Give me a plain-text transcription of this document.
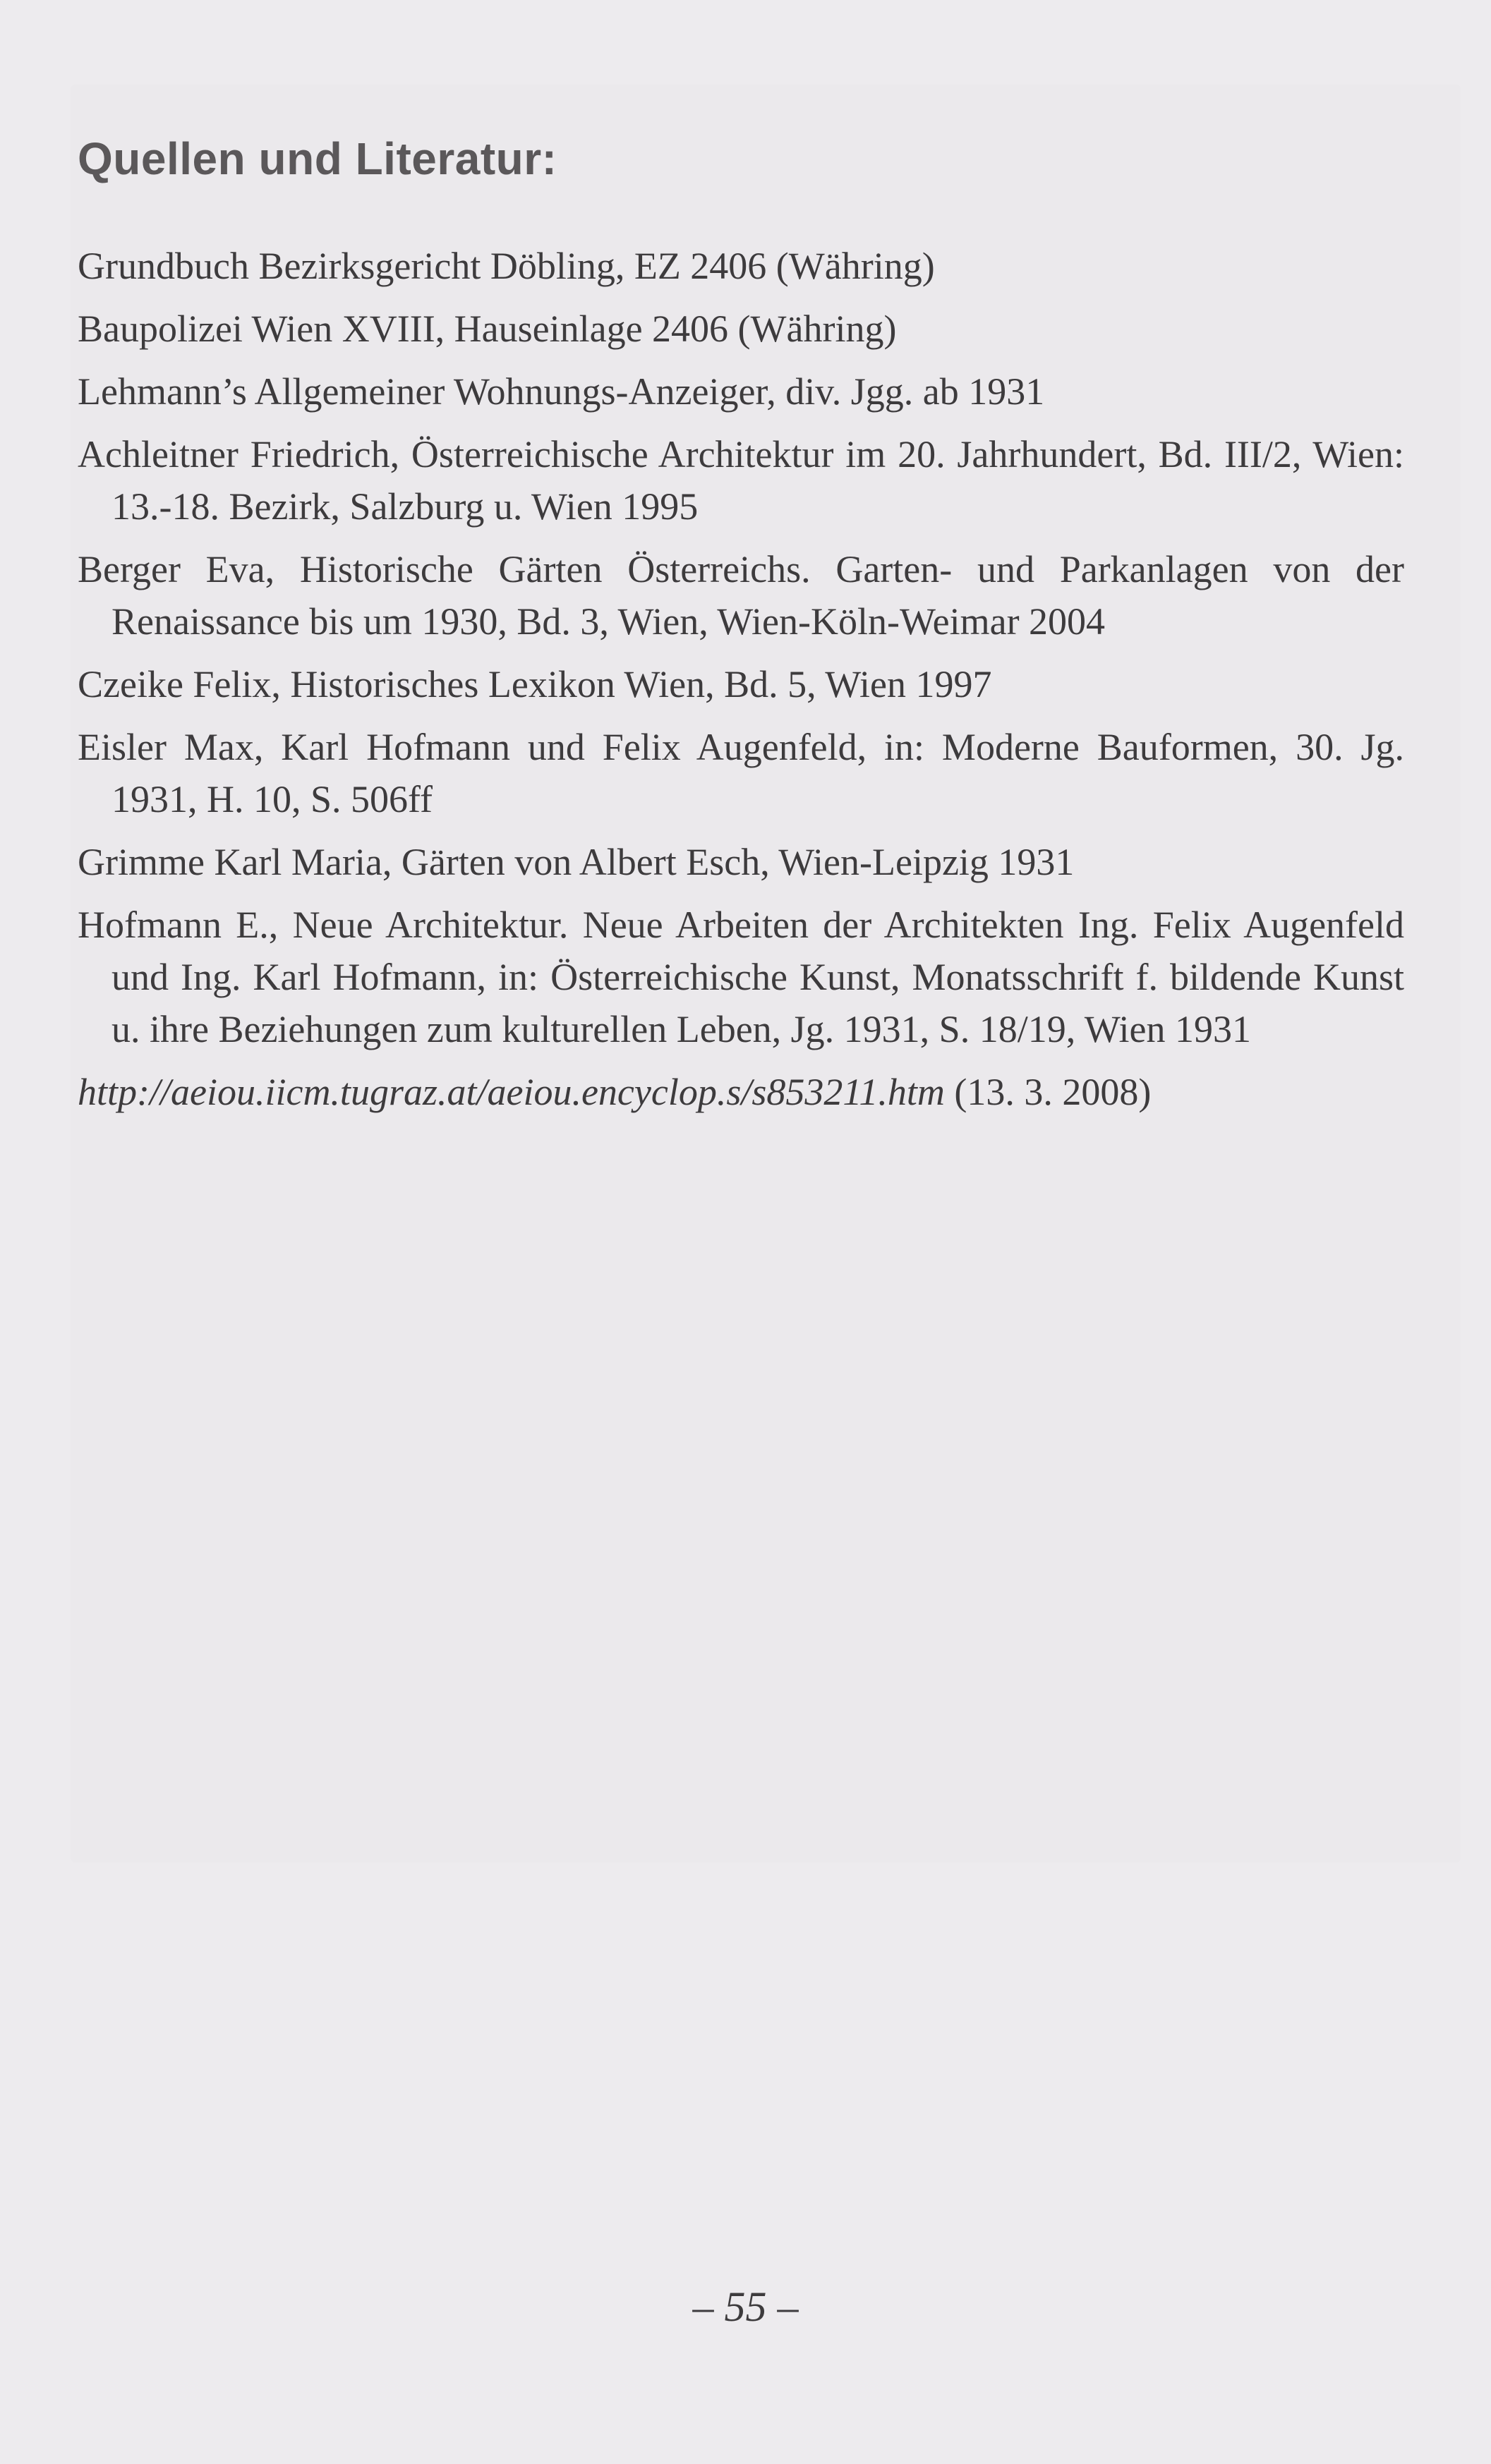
Quellen und Literatur:
Grundbuch Bezirksgericht Döbling, EZ 2406 (Währing)
Baupolizei Wien XVIII, Hauseinlage 2406 (Währing)
Lehmann’s Allgemeiner Wohnungs-Anzeiger, div. Jgg. ab 1931
Achleitner Friedrich, Österreichische Architektur im 20. Jahrhundert, Bd. III/2, Wien: 13.-18. Bezirk, Salzburg u. Wien 1995
Berger Eva, Historische Gärten Österreichs. Garten- und Parkanlagen von der Renaissance bis um 1930, Bd. 3, Wien, Wien-Köln-Weimar 2004
Czeike Felix, Historisches Lexikon Wien, Bd. 5, Wien 1997
Eisler Max, Karl Hofmann und Felix Augenfeld, in: Moderne Bauformen, 30. Jg. 1931, H. 10, S. 506ff
Grimme Karl Maria, Gärten von Albert Esch, Wien-Leipzig 1931
Hofmann E., Neue Architektur. Neue Arbeiten der Architekten Ing. Felix Augenfeld und Ing. Karl Hofmann, in: Österreichische Kunst, Monatsschrift f. bildende Kunst u. ihre Beziehungen zum kulturellen Leben, Jg. 1931, S. 18/19, Wien 1931
http://aeiou.iicm.tugraz.at/aeiou.encyclop.s/s853211.htm (13. 3. 2008)
– 55 –
